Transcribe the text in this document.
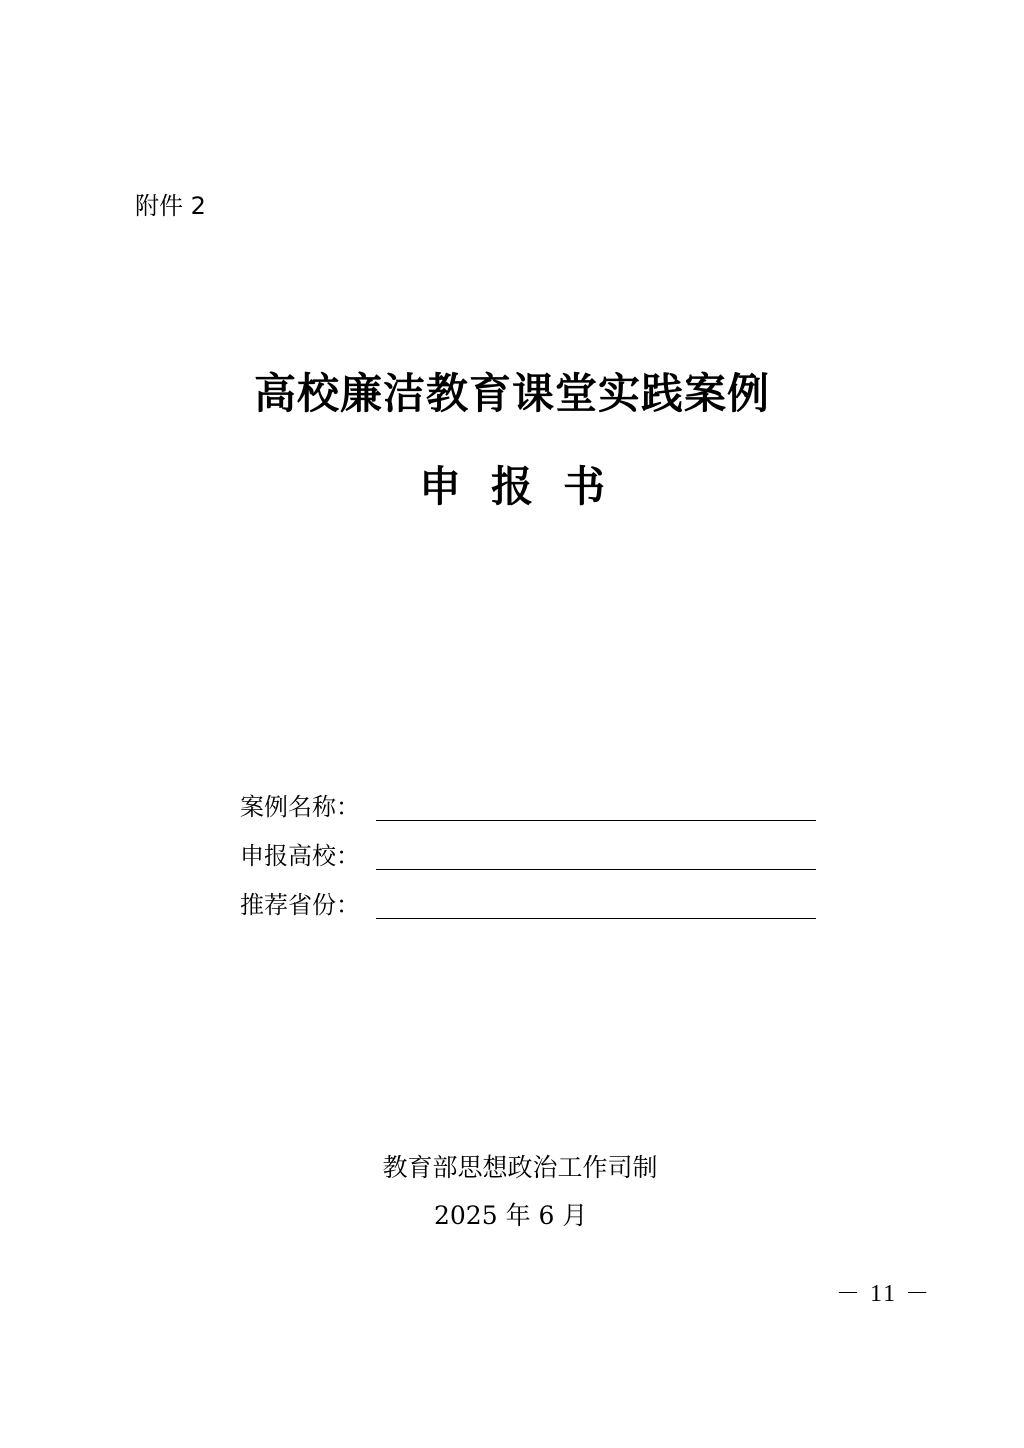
附件 2
高校廉洁教育课堂实践案例
申报书
案例名称：
申报高校：
推荐省份：
教育部思想政治工作司制
2025 年 6 月
－ 11 －
